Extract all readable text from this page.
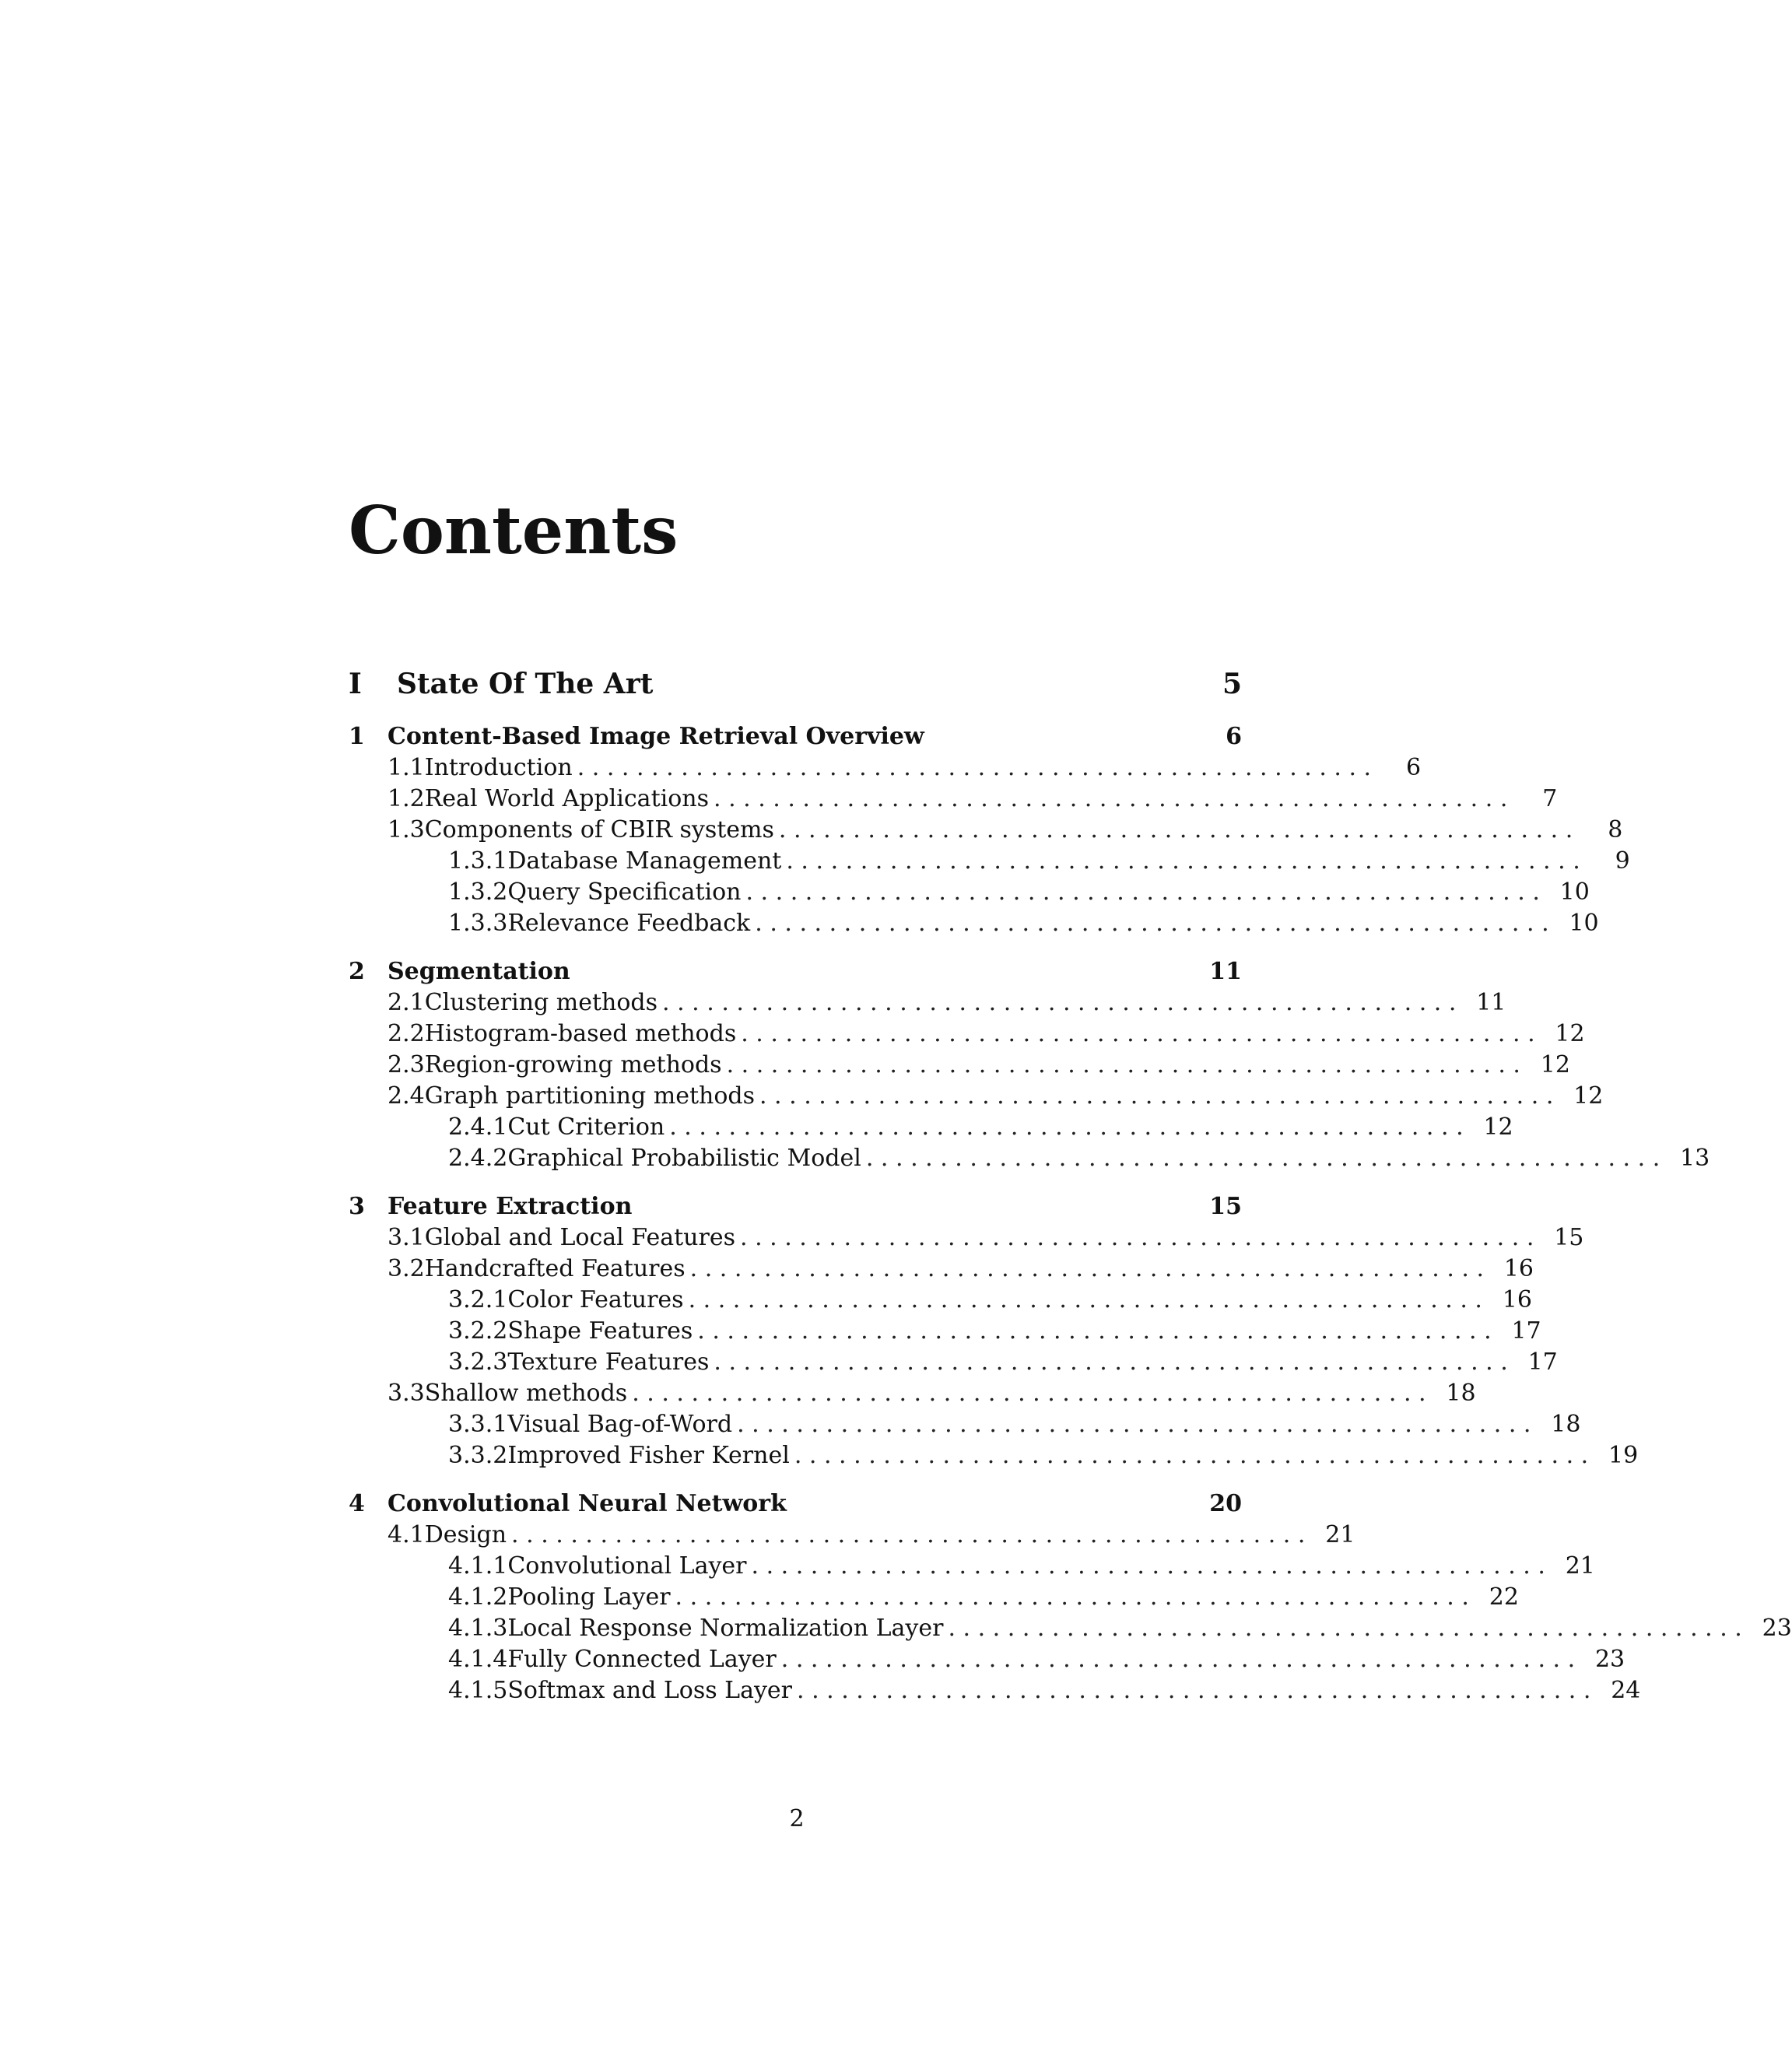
Contents
I	State Of The Art	5
1 Content-Based Image Retrieval Overview	6
1.1 Introduction . . . . . . . . . . . . . . . . . . . . . . . . . . . . . . . . . . . . . . . . . . . . . . . . . . . . . .	6
1.2 Real World Applications . . . . . . . . . . . . . . . . . . . . . . . . . . . . . . . . . . . . . . . . . . . . . . . . . . . . . .	7
1.3 Components of CBIR systems . . . . . . . . . . . . . . . . . . . . . . . . . . . . . . . . . . . . . . . . . . . . . . . . . . . . . .	8
1.3.1 Database Management . . . . . . . . . . . . . . . . . . . . . . . . . . . . . . . . . . . . . . . . . . . . . . . . . . . . . .	9
1.3.2 Query Specification . . . . . . . . . . . . . . . . . . . . . . . . . . . . . . . . . . . . . . . . . . . . . . . . . . . . . . 10
1.3.3 Relevance Feedback . . . . . . . . . . . . . . . . . . . . . . . . . . . . . . . . . . . . . . . . . . . . . . . . . . . . . . 10
2 Segmentation	11
2.1 Clustering methods . . . . . . . . . . . . . . . . . . . . . . . . . . . . . . . . . . . . . . . . . . . . . . . . . . . . . . 11
2.2 Histogram-based methods . . . . . . . . . . . . . . . . . . . . . . . . . . . . . . . . . . . . . . . . . . . . . . . . . . . . . . 12
2.3 Region-growing methods . . . . . . . . . . . . . . . . . . . . . . . . . . . . . . . . . . . . . . . . . . . . . . . . . . . . . . 12
2.4 Graph partitioning methods . . . . . . . . . . . . . . . . . . . . . . . . . . . . . . . . . . . . . . . . . . . . . . . . . . . . . . 12
2.4.1 Cut Criterion . . . . . . . . . . . . . . . . . . . . . . . . . . . . . . . . . . . . . . . . . . . . . . . . . . . . . . 12
2.4.2 Graphical Probabilistic Model . . . . . . . . . . . . . . . . . . . . . . . . . . . . . . . . . . . . . . . . . . . . . . . . . . . . . . 13
3 Feature Extraction	15
3.1 Global and Local Features . . . . . . . . . . . . . . . . . . . . . . . . . . . . . . . . . . . . . . . . . . . . . . . . . . . . . . 15
3.2 Handcrafted Features . . . . . . . . . . . . . . . . . . . . . . . . . . . . . . . . . . . . . . . . . . . . . . . . . . . . . . 16
3.2.1 Color Features . . . . . . . . . . . . . . . . . . . . . . . . . . . . . . . . . . . . . . . . . . . . . . . . . . . . . . 16
3.2.2 Shape Features . . . . . . . . . . . . . . . . . . . . . . . . . . . . . . . . . . . . . . . . . . . . . . . . . . . . . . 17
3.2.3 Texture Features . . . . . . . . . . . . . . . . . . . . . . . . . . . . . . . . . . . . . . . . . . . . . . . . . . . . . . 17
3.3 Shallow methods . . . . . . . . . . . . . . . . . . . . . . . . . . . . . . . . . . . . . . . . . . . . . . . . . . . . . . 18
3.3.1 Visual Bag-of-Word . . . . . . . . . . . . . . . . . . . . . . . . . . . . . . . . . . . . . . . . . . . . . . . . . . . . . . 18
3.3.2 Improved Fisher Kernel . . . . . . . . . . . . . . . . . . . . . . . . . . . . . . . . . . . . . . . . . . . . . . . . . . . . . . 19
4 Convolutional Neural Network	20
4.1 Design . . . . . . . . . . . . . . . . . . . . . . . . . . . . . . . . . . . . . . . . . . . . . . . . . . . . . . 21
4.1.1 Convolutional Layer . . . . . . . . . . . . . . . . . . . . . . . . . . . . . . . . . . . . . . . . . . . . . . . . . . . . . . 21
4.1.2 Pooling Layer . . . . . . . . . . . . . . . . . . . . . . . . . . . . . . . . . . . . . . . . . . . . . . . . . . . . . . 22
4.1.3 Local Response Normalization Layer . . . . . . . . . . . . . . . . . . . . . . . . . . . . . . . . . . . . . . . . . . . . . . . . . . . . . . 23
4.1.4 Fully Connected Layer . . . . . . . . . . . . . . . . . . . . . . . . . . . . . . . . . . . . . . . . . . . . . . . . . . . . . . 23
4.1.5 Softmax and Loss Layer . . . . . . . . . . . . . . . . . . . . . . . . . . . . . . . . . . . . . . . . . . . . . . . . . . . . . . 24
2
